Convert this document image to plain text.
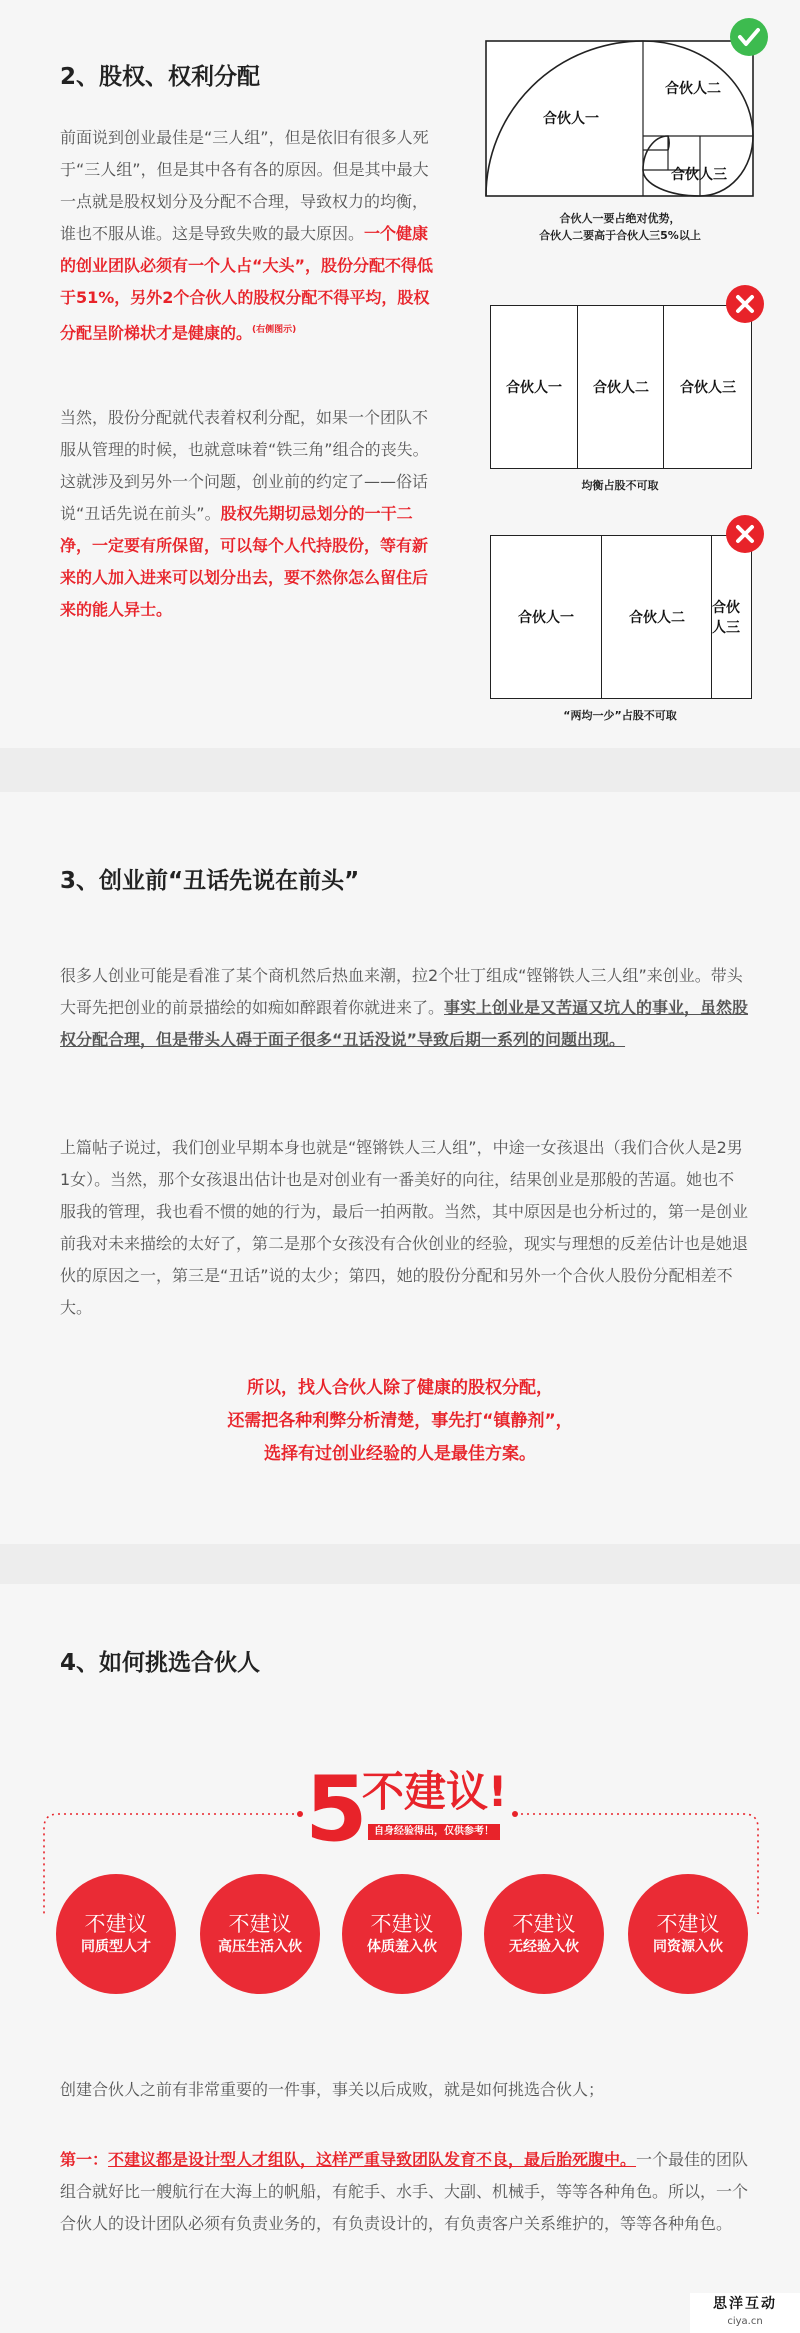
2、股权、权利分配

前面说到创业最佳是“三人组”，但是依旧有很多人死于“三人组”，但是其中各有各的原因。但是其中最大一点就是股权划分及分配不合理，导致权力的均衡，谁也不服从谁。这是导致失败的最大原因。一个健康的创业团队必须有一个人占“大头”，股份分配不得低于51%，另外2个合伙人的股权分配不得平均，股权分配呈阶梯状才是健康的。$^{(右侧图示)}$

当然，股份分配就代表着权利分配，如果一个团队不服从管理的时候，也就意味着“铁三角”组合的丧失。这就涉及到另外一个问题，创业前的约定了——俗话说“丑话先说在前头”。股权先期切忌划分的一干二净，一定要有所保留，可以每个人代持股份，等有新来的人加入进来可以划分出去，要不然你怎么留住后来的能人异士。

合伙人一
合伙人二
合伙人三
合伙人一要占绝对优势，
合伙人二要高于合伙人三5%以上
合伙人一	合伙人二	合伙人三
均衡占股不可取
合伙人一	合伙人二
合伙人三
“两均一少”占股不可取
3、创业前“丑话先说在前头”

很多人创业可能是看准了某个商机然后热血来潮，拉2个壮丁组成“铿锵铁人三人组”来创业。带头大哥先把创业的前景描绘的如痴如醉跟着你就进来了。事实上创业是又苦逼又坑人的事业，虽然股权分配合理，但是带头人碍于面子很多“丑话没说”导致后期一系列的问题出现。

上篇帖子说过，我们创业早期本身也就是“铿锵铁人三人组”，中途一女孩退出（我们合伙人是2男1女）。当然，那个女孩退出估计也是对创业有一番美好的向往，结果创业是那般的苦逼。她也不服我的管理，我也看不惯的她的行为，最后一拍两散。当然，其中原因是也分析过的，第一是创业前我对未来描绘的太好了，第二是那个女孩没有合伙创业的经验，现实与理想的反差估计也是她退伙的原因之一，第三是“丑话”说的太少；第四，她的股份分配和另外一个合伙人股份分配相差不大。

所以，找人合伙人除了健康的股权分配，
还需把各种利弊分析清楚，事先打“镇静剂”，
选择有过创业经验的人是最佳方案。
4、如何挑选合伙人
5
不建议!
自身经验得出，仅供参考！
不建议
同质型人才
不建议
高压生活入伙
不建议
体质羞入伙
不建议
无经验入伙
不建议
同资源入伙

创建合伙人之前有非常重要的一件事，事关以后成败，就是如何挑选合伙人；

第一：不建议都是设计型人才组队，这样严重导致团队发育不良，最后胎死腹中。一个最佳的团队组合就好比一艘航行在大海上的帆船，有舵手、水手、大副、机械手，等等各种角色。所以，一个合伙人的设计团队必须有负责业务的，有负责设计的，有负责客户关系维护的，等等各种角色。

思洋互动
ciya.cn
